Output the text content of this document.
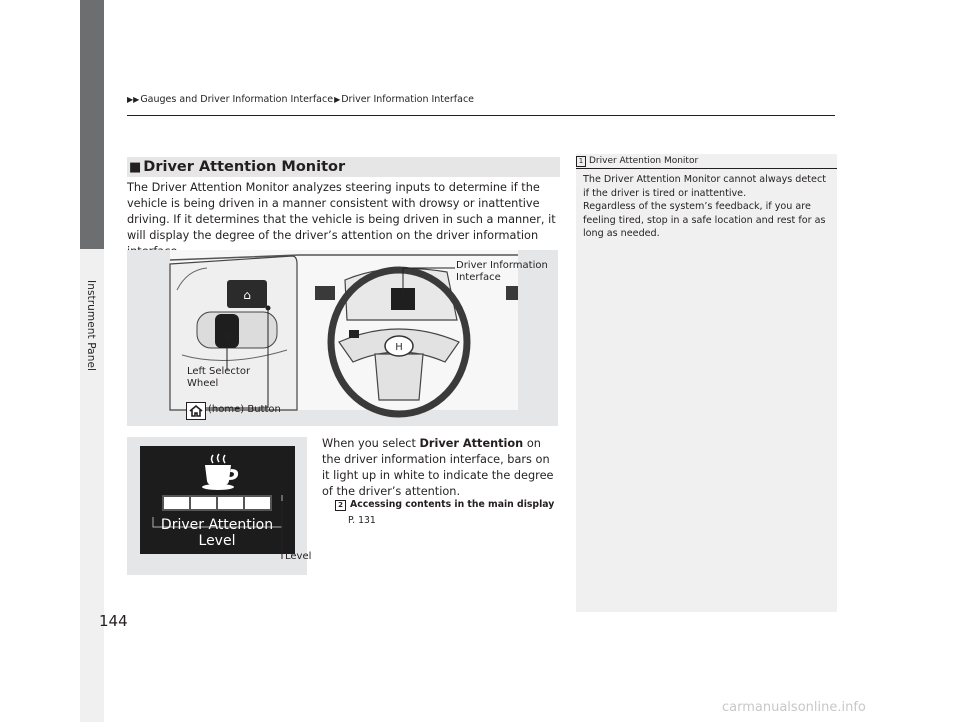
Instrument Panel
▶▶Gauges and Driver Information Interface▶Driver Information Interface
■ Driver Attention Monitor
The Driver Attention Monitor analyzes steering inputs to determine if the vehicle is being driven in a manner consistent with drowsy or inattentive driving. If it determines that the vehicle is being driven in such a manner, it will display the degree of the driver’s attention on the driver information
⌂
H
Driver Information
Interface
Left Selector
Wheel
(home) Button
Driver Attention Level
Level
When you select Driver Attention on the driver information interface, bars on it light up in white to indicate the degree of the driver’s attention.
2 Accessing contents in the main display
P. 131
1 Driver Attention Monitor
The Driver Attention Monitor cannot always detect if the driver is tired or inattentive.
Regardless of the system’s feedback, if you are feeling tired, stop in a safe location and rest for as long as needed.
144
carmanualsonline.info
